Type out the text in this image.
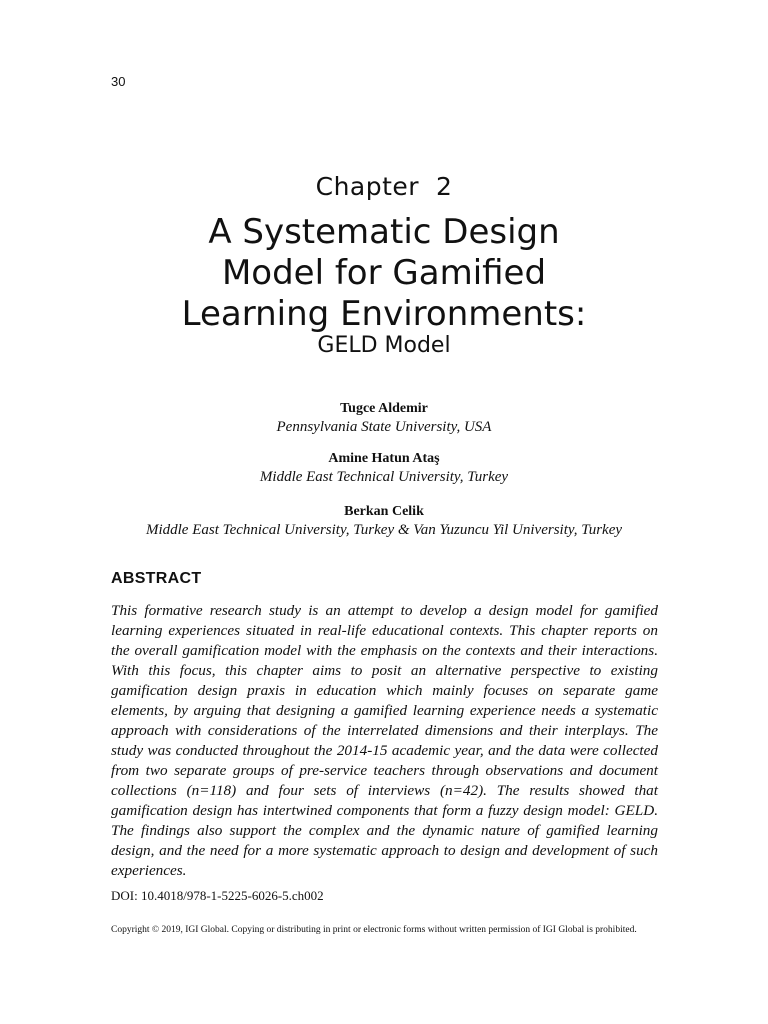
30
Chapter  2
A Systematic Design
Model for Gamified
Learning Environments:
GELD Model
Tugce Aldemir
Pennsylvania State University, USA
Amine Hatun Ataş
Middle East Technical University, Turkey
Berkan Celik
Middle East Technical University, Turkey & Van Yuzuncu Yil University, Turkey
ABSTRACT

This formative research study is an attempt to develop a design model for gamified learning experiences situated in real-life educational contexts. This chapter reports on the overall gamification model with the emphasis on the contexts and their interactions. With this focus, this chapter aims to posit an alternative perspective to existing gamification design praxis in education which mainly focuses on separate game elements, by arguing that designing a gamified learning experience needs a systematic approach with considerations of the interrelated dimensions and their interplays. The study was conducted throughout the 2014-15 academic year, and the data were collected from two separate groups of pre-service teachers through observations and document collections (n=118) and four sets of interviews (n=42). The results showed that gamification design has intertwined components that form a fuzzy design model: GELD. The findings also support the complex and the dynamic nature of gamified learning design, and the need for a more systematic approach to design and development of such experiences.

DOI: 10.4018/978-1-5225-6026-5.ch002
Copyright © 2019, IGI Global. Copying or distributing in print or electronic forms without written permission of IGI Global is prohibited.
